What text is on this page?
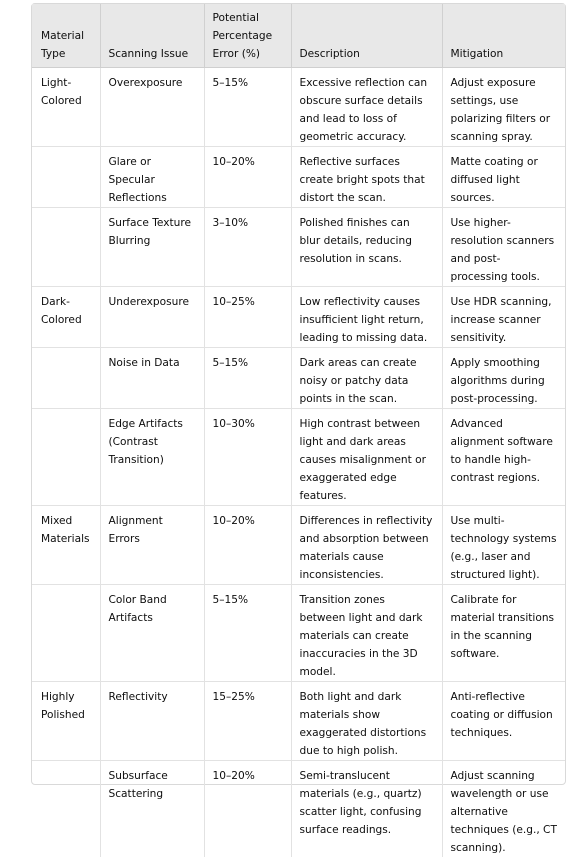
Material Type	Scanning Issue	Potential Percentage Error (%)	Description	Mitigation
Light-Colored	Overexposure	5–15%	Excessive reflection can obscure surface details and lead to loss of geometric accuracy.	Adjust exposure settings, use polarizing filters or scanning spray.
	Glare or Specular Reflections	10–20%	Reflective surfaces create bright spots that distort the scan.	Matte coating or diffused light sources.
	Surface Texture Blurring	3–10%	Polished finishes can blur details, reducing resolution in scans.	Use higher-resolution scanners and post-processing tools.
Dark-Colored	Underexposure	10–25%	Low reflectivity causes insufficient light return, leading to missing data.	Use HDR scanning, increase scanner sensitivity.
	Noise in Data	5–15%	Dark areas can create noisy or patchy data points in the scan.	Apply smoothing algorithms during post-processing.
	Edge Artifacts (Contrast Transition)	10–30%	High contrast between light and dark areas causes misalignment or exaggerated edge features.	Advanced alignment software to handle high-contrast regions.
Mixed Materials	Alignment Errors	10–20%	Differences in reflectivity and absorption between materials cause inconsistencies.	Use multi-technology systems (e.g., laser and structured light).
	Color Band Artifacts	5–15%	Transition zones between light and dark materials can create inaccuracies in the 3D model.	Calibrate for material transitions in the scanning software.
Highly Polished	Reflectivity	15–25%	Both light and dark materials show exaggerated distortions due to high polish.	Anti-reflective coating or diffusion techniques.
	Subsurface Scattering	10–20%	Semi-translucent materials (e.g., quartz) scatter light, confusing surface readings.	Adjust scanning wavelength or use alternative techniques (e.g., CT scanning).
